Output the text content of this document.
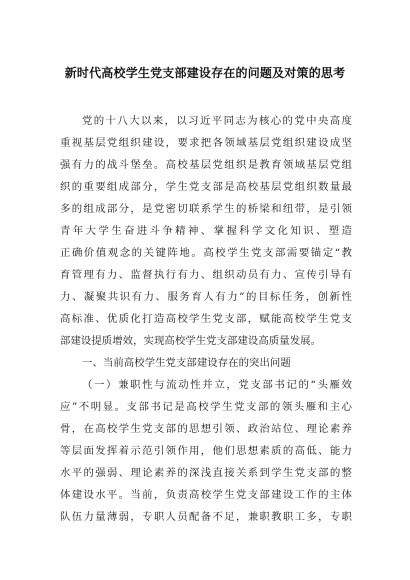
新时代高校学生党支部建设存在的问题及对策的思考
党的十八大以来，以习近平同志为核心的党中央高度
重视基层党组织建设，要求把各领域基层党组织建设成坚
强有力的战斗堡垒。高校基层党组织是教育领域基层党组
织的重要组成部分，学生党支部是高校基层党组织数量最
多的组成部分，是党密切联系学生的桥梁和纽带，是引领
青年大学生奋进斗争精神、掌握科学文化知识、塑造
正确价值观念的关键阵地。高校学生党支部需要锚定“教
育管理有力、监督执行有力、组织动员有力、宣传引导有
力、凝聚共识有力、服务育人有力”的目标任务，创新性
高标准、优质化打造高校学生党支部，赋能高校学生党支
部建设提质增效，实现高校学生党支部建设高质量发展。
一、当前高校学生党支部建设存在的突出问题
（一）兼职性与流动性并立，党支部书记的“头雁效
应”不明显。支部书记是高校学生党支部的领头雁和主心
骨，在高校学生党支部的思想引领、政治站位、理论素养
等层面发挥着示范引领作用，他们思想素质的高低、能力
水平的强弱、理论素养的深浅直接关系到学生党支部的整
体建设水平。当前，负责高校学生党支部建设工作的主体
队伍力量薄弱，专职人员配备不足，兼职教职工多，专职
